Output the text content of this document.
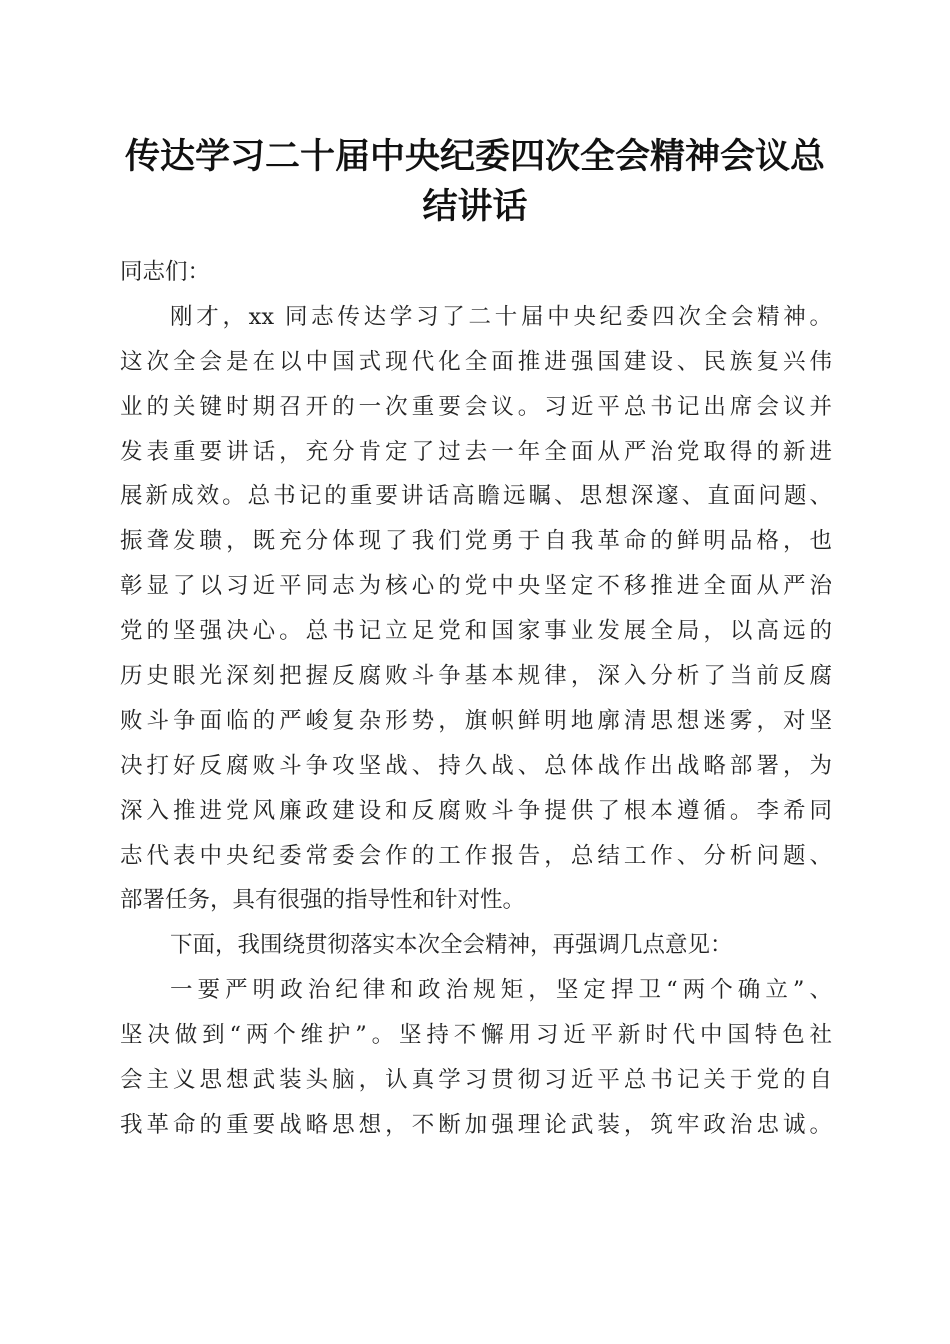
传达学习二十届中央纪委四次全会精神会议总
结讲话
同志们：
刚才，xx 同志传达学习了二十届中央纪委四次全会精神。
这次全会是在以中国式现代化全面推进强国建设、民族复兴伟
业的关键时期召开的一次重要会议。习近平总书记出席会议并
发表重要讲话，充分肯定了过去一年全面从严治党取得的新进
展新成效。总书记的重要讲话高瞻远瞩、思想深邃、直面问题、
振聋发聩，既充分体现了我们党勇于自我革命的鲜明品格，也
彰显了以习近平同志为核心的党中央坚定不移推进全面从严治
党的坚强决心。总书记立足党和国家事业发展全局，以高远的
历史眼光深刻把握反腐败斗争基本规律，深入分析了当前反腐
败斗争面临的严峻复杂形势，旗帜鲜明地廓清思想迷雾，对坚
决打好反腐败斗争攻坚战、持久战、总体战作出战略部署，为
深入推进党风廉政建设和反腐败斗争提供了根本遵循。李希同
志代表中央纪委常委会作的工作报告，总结工作、分析问题、
部署任务，具有很强的指导性和针对性。
下面，我围绕贯彻落实本次全会精神，再强调几点意见：
一要严明政治纪律和政治规矩，坚定捍卫“两个确立”、
坚决做到“两个维护”。坚持不懈用习近平新时代中国特色社
会主义思想武装头脑，认真学习贯彻习近平总书记关于党的自
我革命的重要战略思想，不断加强理论武装，筑牢政治忠诚。
